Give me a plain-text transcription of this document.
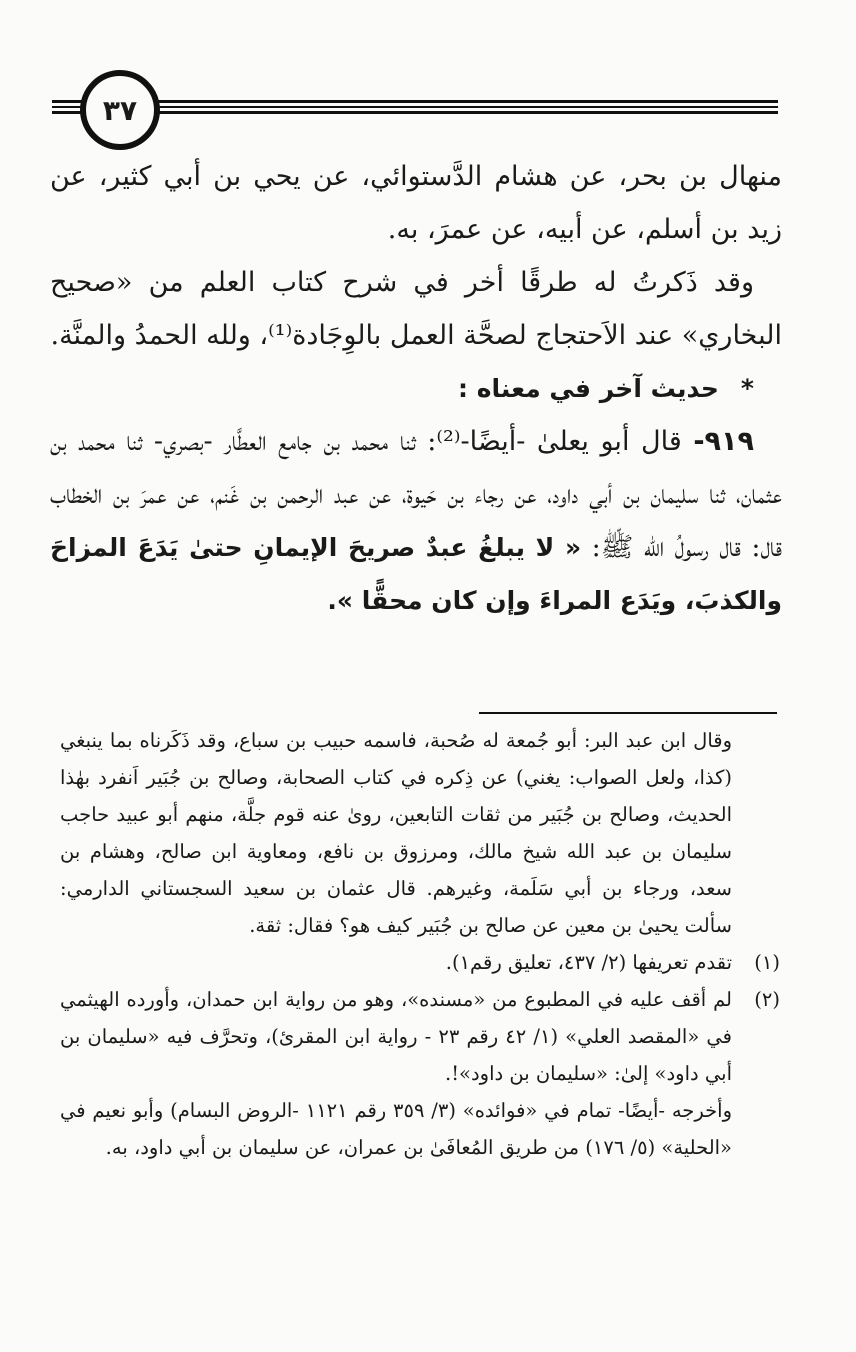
٣٧

منهال بن بحر، عن هشام الدَّستوائي، عن يحي بن أبي كثير، عن زيد بن أسلم، عن أبيه، عن عمرَ، به.

وقد ذَكرتُ له طرقًا أخر في شرح كتاب العلم من «صحيح البخاري» عند الاَحتجاج لصحَّة العمل بالوِجَادة⁽¹⁾، ولله الحمدُ والمنَّة.

*حديث آخر في معناه :

٩١٩- قال أبو يعلىٰ -أيضًا-⁽²⁾: ثنا محمد بن جامع العطَّار -بصري- ثنا محمد بن عثمان، ثنا سليمان بن أبي داود، عن رجاء بن حَيوة، عن عبد الرحمن بن غَنم، عن عمرَ بن الخطاب قال: قال رسولُ الله ﷺ: « لا يبلغُ عبدٌ صريحَ الإيمانِ حتىٰ يَدَعَ المزاحَ والكذبَ، ويَدَع المراءَ وإن كان محقًّا ».

وقال ابن عبد البر: أبو جُمعة له صُحبة، فاسمه حبيب بن سباع، وقد ذَكَرناه بما ينبغي (كذا، ولعل الصواب: يغني) عن ذِكره في كتاب الصحابة، وصالح بن جُبَير اَنفرد بهٰذا الحديث، وصالح بن جُبَير من ثقات التابعين، روىٰ عنه قوم جلَّة، منهم أبو عبيد حاجب سليمان بن عبد الله شيخ مالك، ومرزوق بن نافع، ومعاوية ابن صالح، وهشام بن سعد، ورجاء بن أبي سَلَمة، وغيرهم. قال عثمان بن سعيد السجستاني الدارمي: سألت يحيىٰ بن معين عن صالح بن جُبَير كيف هو؟ فقال: ثقة.

(١)
تقدم تعريفها (٢/ ٤٣٧، تعليق رقم١).
(٢)
لم أقف عليه في المطبوع من «مسنده»، وهو من رواية ابن حمدان، وأورده الهيثمي في «المقصد العلي» (١/ ٤٢ رقم ٢٣ - رواية ابن المقرئ)، وتحرَّف فيه «سليمان بن أبي داود» إلىٰ: «سليمان بن داود»!.

وأخرجه -أيضًا- تمام في «فوائده» (٣/ ٣٥٩ رقم ١١٢١ -الروض البسام) وأبو نعيم في «الحلية» (٥/ ١٧٦) من طريق المُعافَىٰ بن عمران، عن سليمان بن أبي داود، به.
